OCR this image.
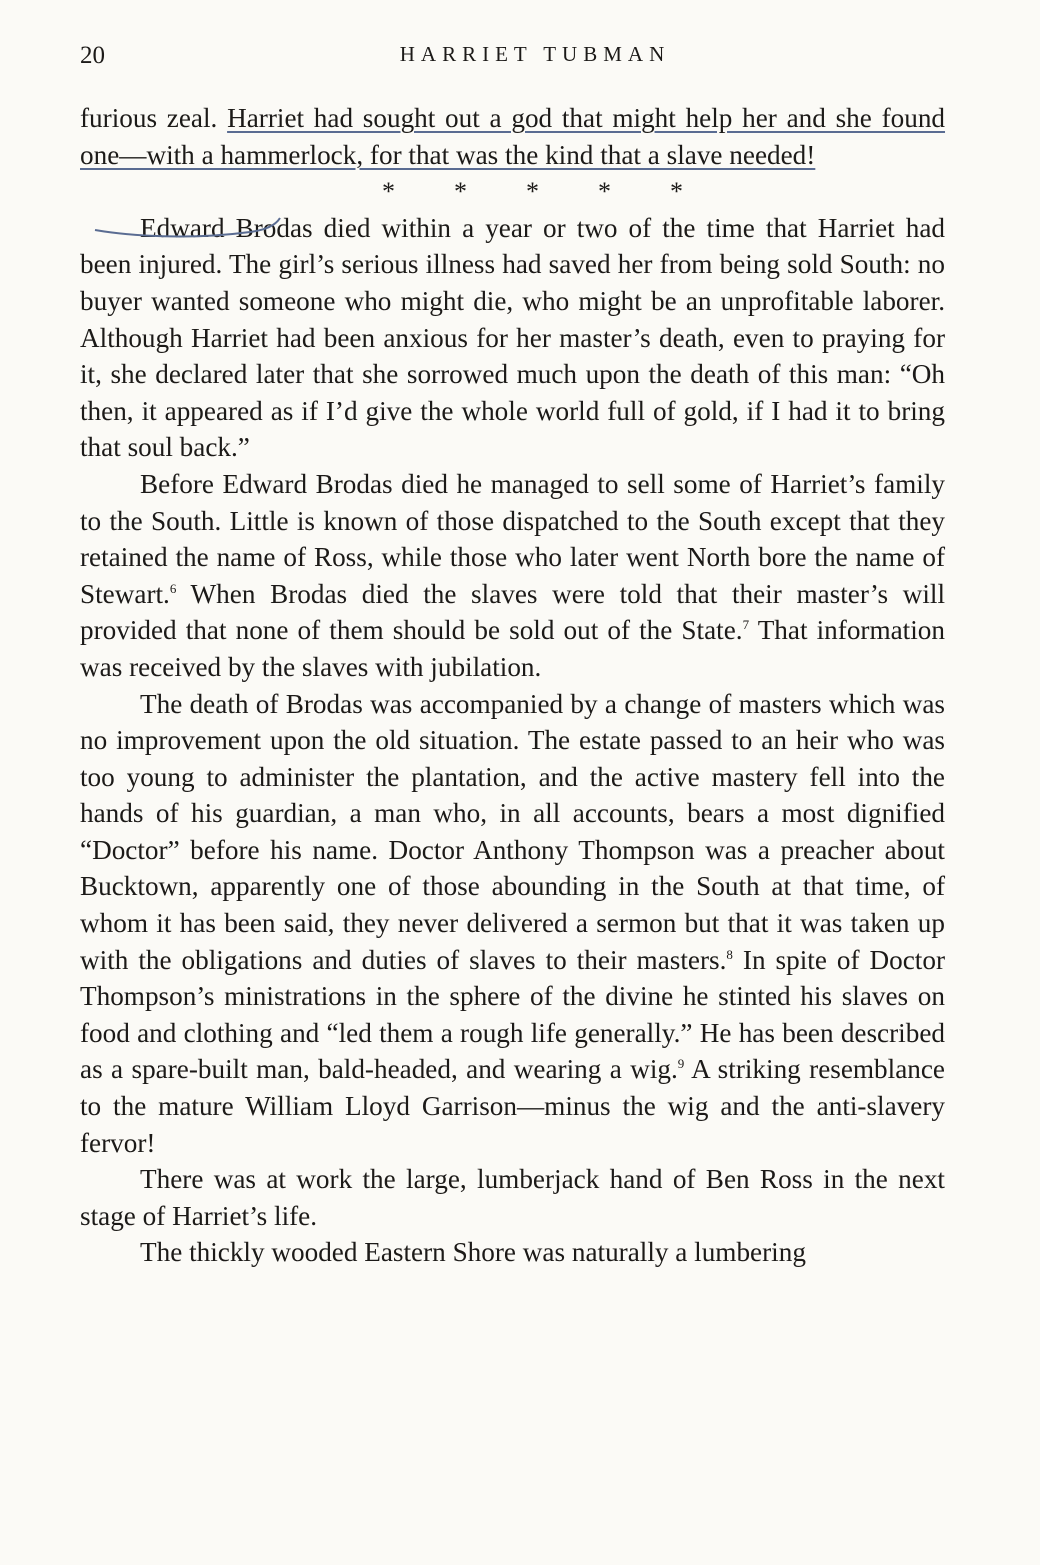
20	HARRIET TUBMAN

furious zeal. Harriet had sought out a god that might help her and she found one—with a hammerlock, for that was the kind that a slave needed!

* * * * *

Edward Brodas died within a year or two of the time that Harriet had been injured. The girl’s serious illness had saved her from being sold South: no buyer wanted someone who might die, who might be an unprofitable laborer. Although Harriet had been anxious for her master’s death, even to praying for it, she declared later that she sorrowed much upon the death of this man: “Oh then, it appeared as if I’d give the whole world full of gold, if I had it to bring that soul back.”

Before Edward Brodas died he managed to sell some of Harriet’s family to the South. Little is known of those dispatched to the South except that they retained the name of Ross, while those who later went North bore the name of Stewart.$^6$ When Brodas died the slaves were told that their master’s will provided that none of them should be sold out of the State.$^7$ That information was received by the slaves with jubilation.

The death of Brodas was accompanied by a change of masters which was no improvement upon the old situation. The estate passed to an heir who was too young to administer the plantation, and the active mastery fell into the hands of his guardian, a man who, in all accounts, bears a most dignified “Doctor” before his name. Doctor Anthony Thompson was a preacher about Bucktown, apparently one of those abounding in the South at that time, of whom it has been said, they never delivered a sermon but that it was taken up with the obligations and duties of slaves to their masters.$^8$ In spite of Doctor Thompson’s ministrations in the sphere of the divine he stinted his slaves on food and clothing and “led them a rough life generally.” He has been described as a spare-built man, bald-headed, and wearing a wig.$^9$ A striking resemblance to the mature William Lloyd Garrison—minus the wig and the anti-slavery fervor!

There was at work the large, lumberjack hand of Ben Ross in the next stage of Harriet’s life.

The thickly wooded Eastern Shore was naturally a lumbering
